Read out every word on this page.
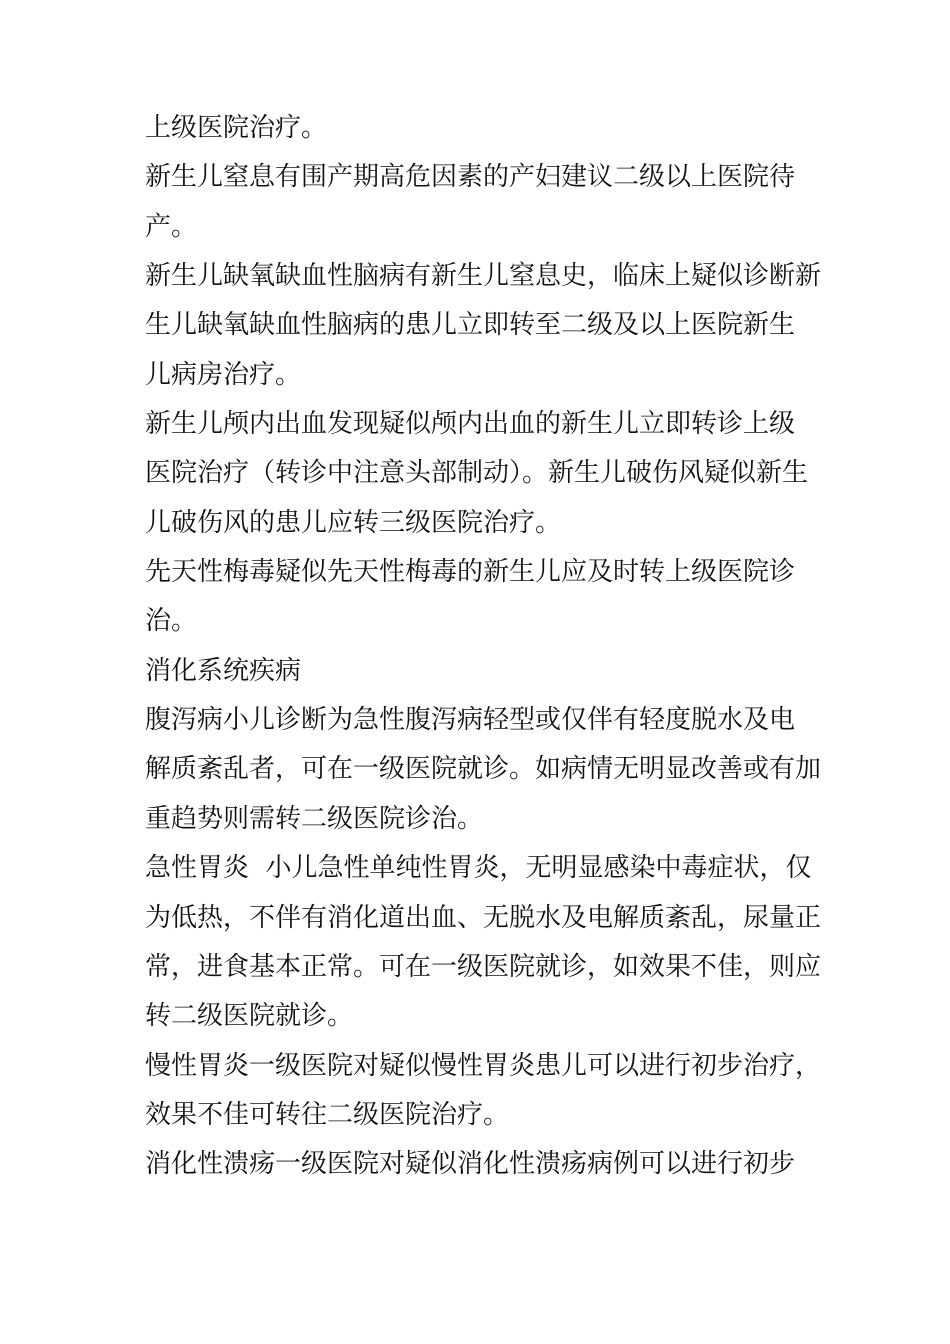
上级医院治疗。
新生儿窒息有围产期高危因素的产妇建议二级以上医院待
产。
新生儿缺氧缺血性脑病有新生儿窒息史，临床上疑似诊断新
生儿缺氧缺血性脑病的患儿立即转至二级及以上医院新生
儿病房治疗。
新生儿颅内出血发现疑似颅内出血的新生儿立即转诊上级
医院治疗（转诊中注意头部制动）。新生儿破伤风疑似新生
儿破伤风的患儿应转三级医院治疗。
先天性梅毒疑似先天性梅毒的新生儿应及时转上级医院诊
治。
消化系统疾病
腹泻病小儿诊断为急性腹泻病轻型或仅伴有轻度脱水及电
解质紊乱者，可在一级医院就诊。如病情无明显改善或有加
重趋势则需转二级医院诊治。
急性胃炎  小儿急性单纯性胃炎，无明显感染中毒症状，仅
为低热，不伴有消化道出血、无脱水及电解质紊乱，尿量正
常，进食基本正常。可在一级医院就诊，如效果不佳，则应
转二级医院就诊。
慢性胃炎一级医院对疑似慢性胃炎患儿可以进行初步治疗，
效果不佳可转往二级医院治疗。
消化性溃疡一级医院对疑似消化性溃疡病例可以进行初步
